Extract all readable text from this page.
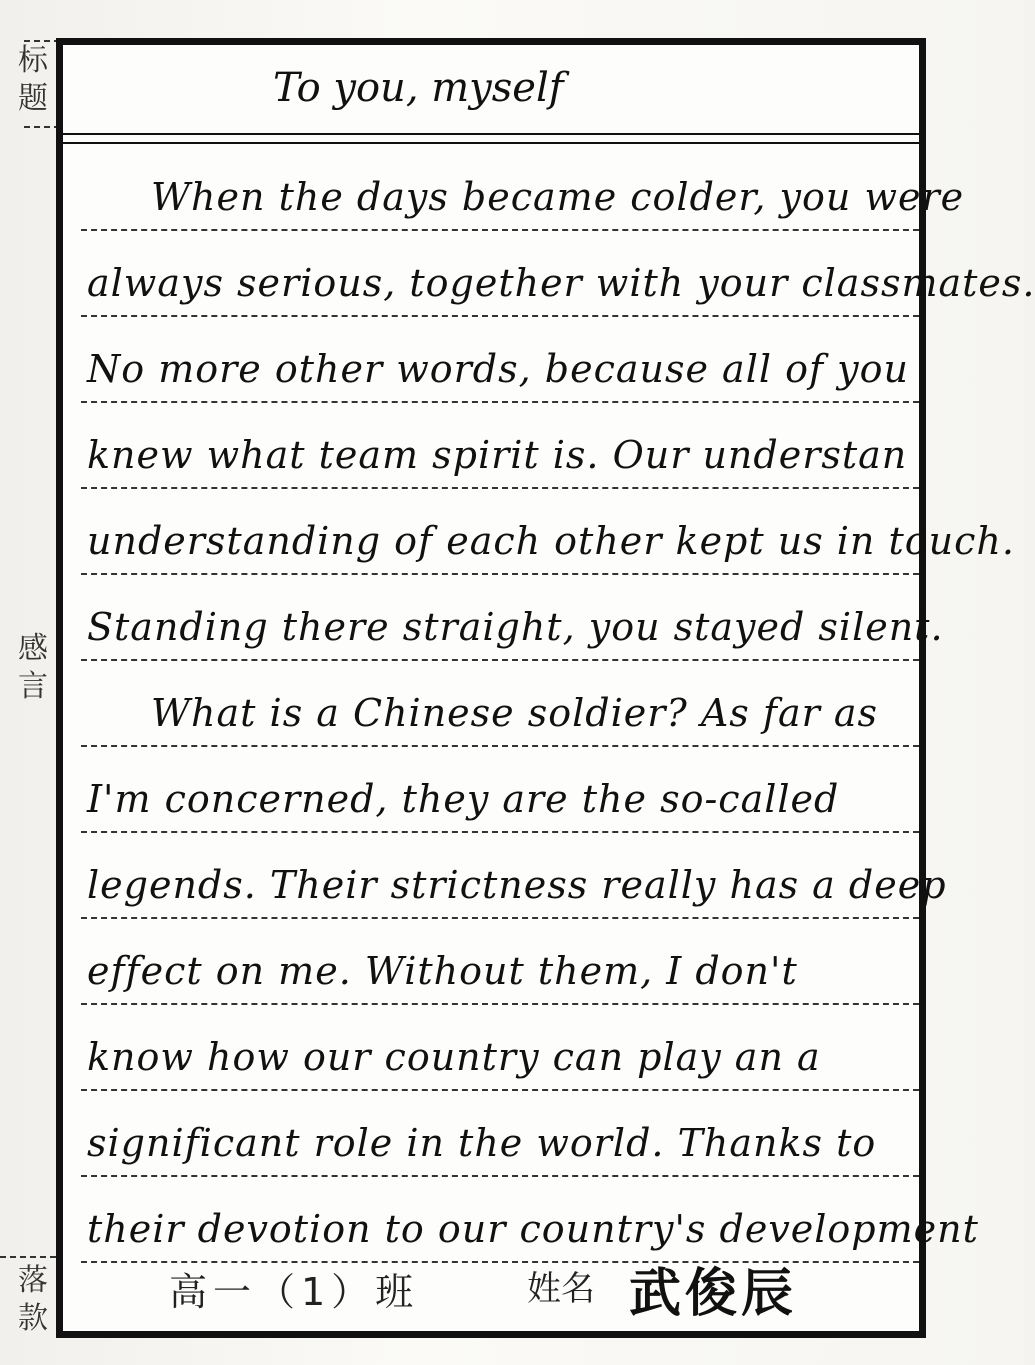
标
题
感
言
落
款
To you, myself
When the days became colder, you were
always serious, together with your classmates.
No more other words, because all of you
knew what team spirit is. Our understan
understanding of each other kept us in touch.
Standing there straight, you stayed silent.
What is a Chinese soldier? As far as
I'm concerned, they are the so-called
legends. Their strictness really has a deep
effect on me. Without them, I don't
know how our country can play an a
significant role in the world. Thanks to
their devotion to our country's development
高一（1）班	姓名 武俊辰
